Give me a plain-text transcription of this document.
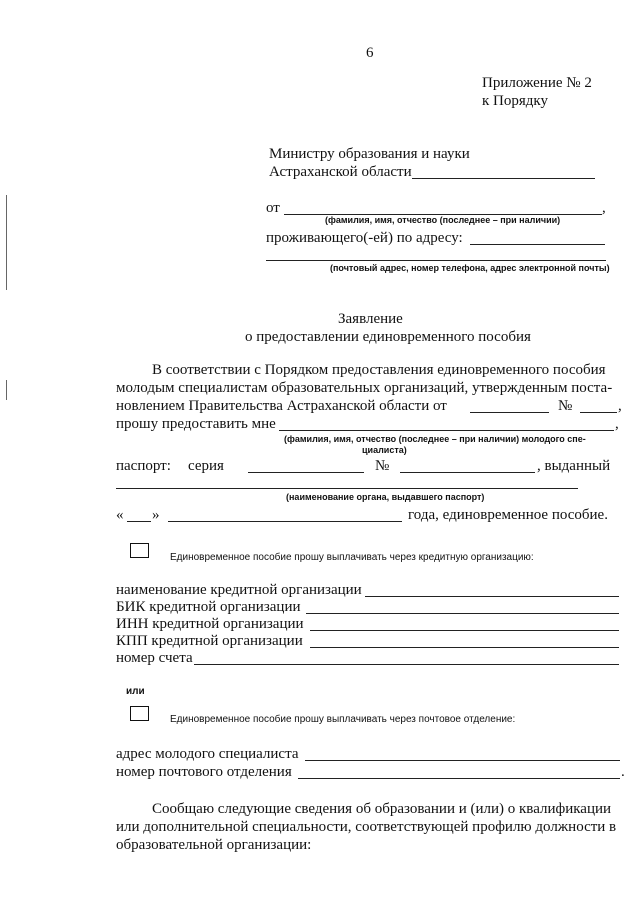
6
Приложение № 2
к Порядку
Министру образования и науки
Астраханской области
от	,
(фамилия, имя, отчество (последнее – при наличии)
проживающего(-ей) по адресу:
(почтовый адрес, номер телефона, адрес электронной почты)
Заявление
о предоставлении единовременного пособия
В соответствии с Порядком предоставления единовременного пособия
молодым специалистам образовательных организаций, утвержденным поста-
новлением Правительства Астраханской области от	№	,
прошу предоставить мне	,
(фамилия, имя, отчество (последнее – при наличии) молодого спе-
циалиста)
паспорт: серия	№	, выданный
(наименование органа, выдавшего паспорт)
« »	года, единовременное пособие.
Единовременное пособие прошу выплачивать через кредитную организацию:
наименование кредитной организации
БИК кредитной организации
ИНН кредитной организации
КПП кредитной организации
номер счета
или
Единовременное пособие прошу выплачивать через почтовое отделение:
адрес молодого специалиста
номер почтового отделения	.
Сообщаю следующие сведения об образовании и (или) о квалификации
или дополнительной специальности, соответствующей профилю должности в
образовательной организации:
